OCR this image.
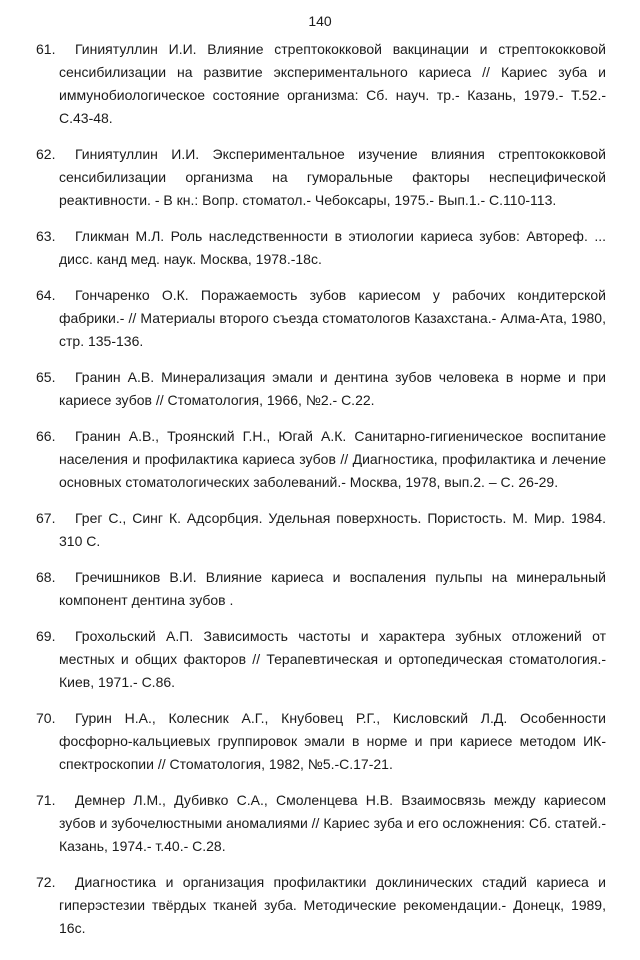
140
61.	Гиниятуллин И.И. Влияние стрептококковой вакцинации и стрептококковой сенсибилизации на развитие экспериментального кариеса // Кариес зуба и иммунобиологическое состояние организма: Сб. науч. тр.- Казань, 1979.- Т.52.- С.43-48.
62.	Гиниятуллин И.И. Экспериментальное изучение влияния стрептококковой сенсибилизации организма на гуморальные факторы неспецифической реактивности. - В кн.: Вопр. стоматол.- Чебоксары, 1975.- Вып.1.- С.110-113.
63.	Гликман М.Л. Роль наследственности в этиологии кариеса зубов: Автореф. ... дисс. канд мед. наук. Москва, 1978.-18с.
64.	Гончаренко О.К. Поражаемость зубов кариесом у рабочих кондитерской фабрики.- // Материалы второго съезда стоматологов Казахстана.- Алма-Ата, 1980, стр. 135-136.
65.	Гранин А.В. Минерализация эмали и дентина зубов человека в норме и при кариесе зубов // Стоматология, 1966, №2.- С.22.
66.	Гранин А.В., Троянский Г.Н., Югай А.К. Санитарно-гигиеническое воспитание населения и профилактика кариеса зубов // Диагностика, профилактика и лечение основных стоматологических заболеваний.- Москва, 1978, вып.2. – С. 26-29.
67.	Грег С., Синг К. Адсорбция. Удельная поверхность. Пористость. М. Мир. 1984. 310 С.
68.	Гречишников В.И. Влияние кариеса и воспаления пульпы на минеральный компонент дентина зубов .
69.	Грохольский А.П. Зависимость частоты и характера зубных отложений от местных и общих факторов // Терапевтическая и ортопедическая стоматология.- Киев, 1971.- С.86.
70.	Гурин Н.А., Колесник А.Г., Кнубовец Р.Г., Кисловский Л.Д. Особенности фосфорно-кальциевых группировок эмали в норме и при кариесе методом ИК-спектроскопии // Стоматология, 1982, №5.-С.17-21.
71.	Демнер Л.М., Дубивко С.А., Смоленцева Н.В. Взаимосвязь между кариесом зубов и зубочелюстными аномалиями // Кариес зуба и его осложнения: Сб. статей.- Казань, 1974.- т.40.- С.28.
72.	Диагностика и организация профилактики доклинических стадий кариеса и гиперэстезии твёрдых тканей зуба. Методические рекомендации.- Донецк, 1989, 16с.
